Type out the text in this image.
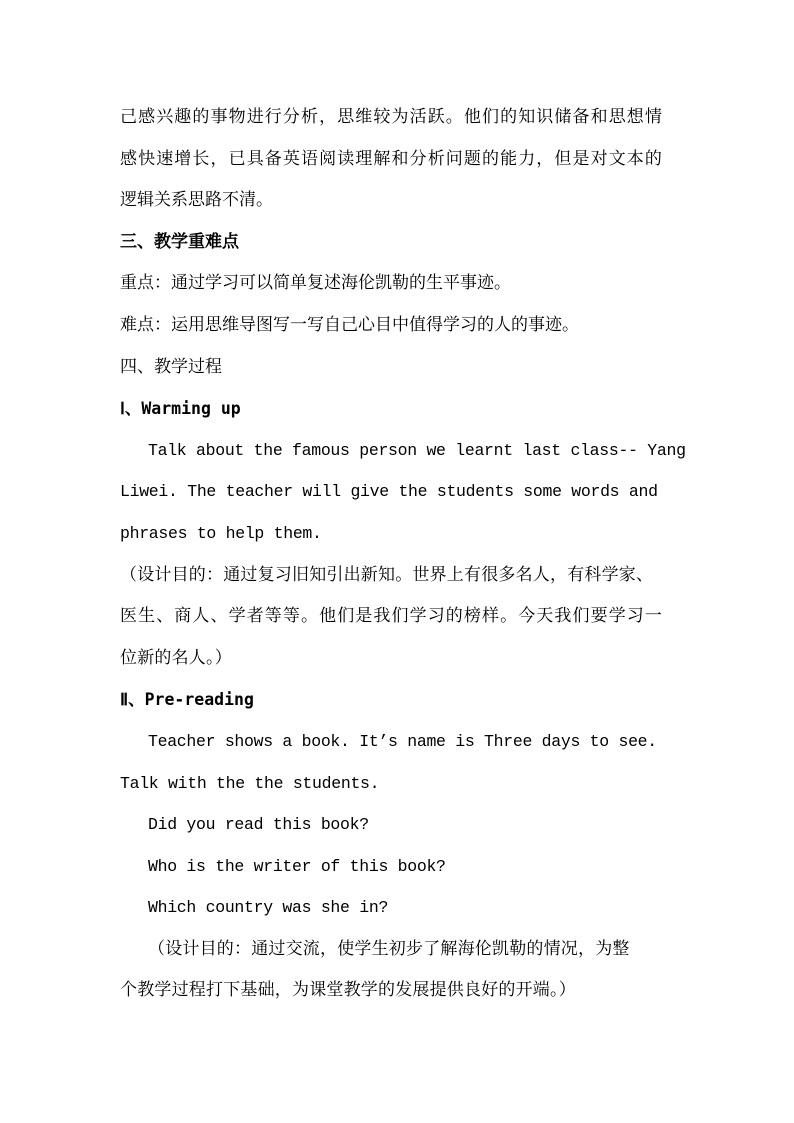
己感兴趣的事物进行分析，思维较为活跃。他们的知识储备和思想情

感快速增长，已具备英语阅读理解和分析问题的能力，但是对文本的

逻辑关系思路不清。

三、教学重难点

重点：通过学习可以简单复述海伦凯勒的生平事迹。

难点：运用思维导图写一写自己心目中值得学习的人的事迹。

四、教学过程

Ⅰ、Warming up

Talk about the famous person we learnt last class-- Yang

Liwei. The teacher will give the students some words and

phrases to help them.

（设计目的：通过复习旧知引出新知。世界上有很多名人，有科学家、

医生、商人、学者等等。他们是我们学习的榜样。今天我们要学习一

位新的名人。）

Ⅱ、Pre-reading

Teacher shows a book. It’s name is Three days to see.

Talk with the the students.

Did you read this book?

Who is the writer of this book?

Which country was she in?

（设计目的：通过交流，使学生初步了解海伦凯勒的情况，为整

个教学过程打下基础，为课堂教学的发展提供良好的开端。）
